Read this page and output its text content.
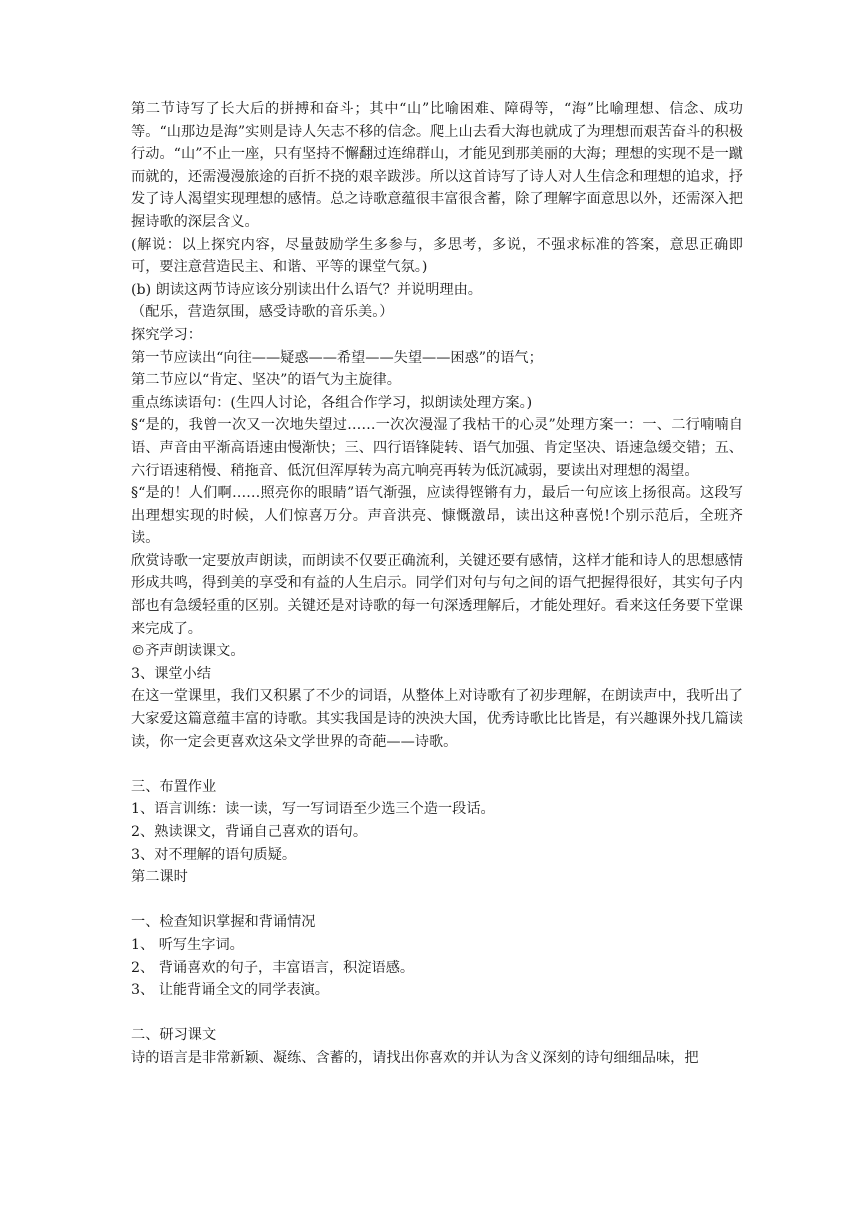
第二节诗写了长大后的拼搏和奋斗；其中“山”比喻困难、障碍等，“海”比喻理想、信念、成功等。“山那边是海”实则是诗人矢志不移的信念。爬上山去看大海也就成了为理想而艰苦奋斗的积极行动。“山”不止一座，只有坚持不懈翻过连绵群山，才能见到那美丽的大海；理想的实现不是一蹴而就的，还需漫漫旅途的百折不挠的艰辛跋涉。所以这首诗写了诗人对人生信念和理想的追求，抒发了诗人渴望实现理想的感情。总之诗歌意蕴很丰富很含蓄，除了理解字面意思以外，还需深入把握诗歌的深层含义。

(解说：以上探究内容，尽量鼓励学生多参与，多思考，多说，不强求标准的答案，意思正确即可，要注意营造民主、和谐、平等的课堂气氛。)

(b) 朗读这两节诗应该分别读出什么语气？并说明理由。

（配乐，营造氛围，感受诗歌的音乐美。）

探究学习：

第一节应读出“向往——疑惑——希望——失望——困惑”的语气；

第二节应以“肯定、坚决”的语气为主旋律。

重点练读语句：(生四人讨论，各组合作学习，拟朗读处理方案。)

§“是的，我曾一次又一次地失望过……一次次漫湿了我枯干的心灵”处理方案一：一、二行喃喃自语、声音由平渐高语速由慢渐快；三、四行语锋陡转、语气加强、肯定坚决、语速急缓交错；五、六行语速稍慢、稍拖音、低沉但浑厚转为高亢响亮再转为低沉减弱，要读出对理想的渴望。

§“是的！人们啊……照亮你的眼睛”语气渐强，应读得铿锵有力，最后一句应该上扬很高。这段写出理想实现的时候，人们惊喜万分。声音洪亮、慷慨激昂，读出这种喜悦!个别示范后，全班齐读。

欣赏诗歌一定要放声朗读，而朗读不仅要正确流利，关键还要有感情，这样才能和诗人的思想感情形成共鸣，得到美的享受和有益的人生启示。同学们对句与句之间的语气把握得很好，其实句子内部也有急缓轻重的区别。关键还是对诗歌的每一句深透理解后，才能处理好。看来这任务要下堂课来完成了。

©齐声朗读课文。

3、课堂小结

在这一堂课里，我们又积累了不少的词语，从整体上对诗歌有了初步理解，在朗读声中，我听出了大家爱这篇意蕴丰富的诗歌。其实我国是诗的泱泱大国，优秀诗歌比比皆是，有兴趣课外找几篇读读，你一定会更喜欢这朵文学世界的奇葩——诗歌。

三、布置作业

1、语言训练：读一读，写一写词语至少选三个造一段话。

2、熟读课文，背诵自己喜欢的语句。

3、对不理解的语句质疑。

第二课时

一、检查知识掌握和背诵情况

1、 听写生字词。

2、 背诵喜欢的句子，丰富语言，积淀语感。

3、 让能背诵全文的同学表演。

二、研习课文

诗的语言是非常新颖、凝练、含蓄的，请找出你喜欢的并认为含义深刻的诗句细细品味，把
